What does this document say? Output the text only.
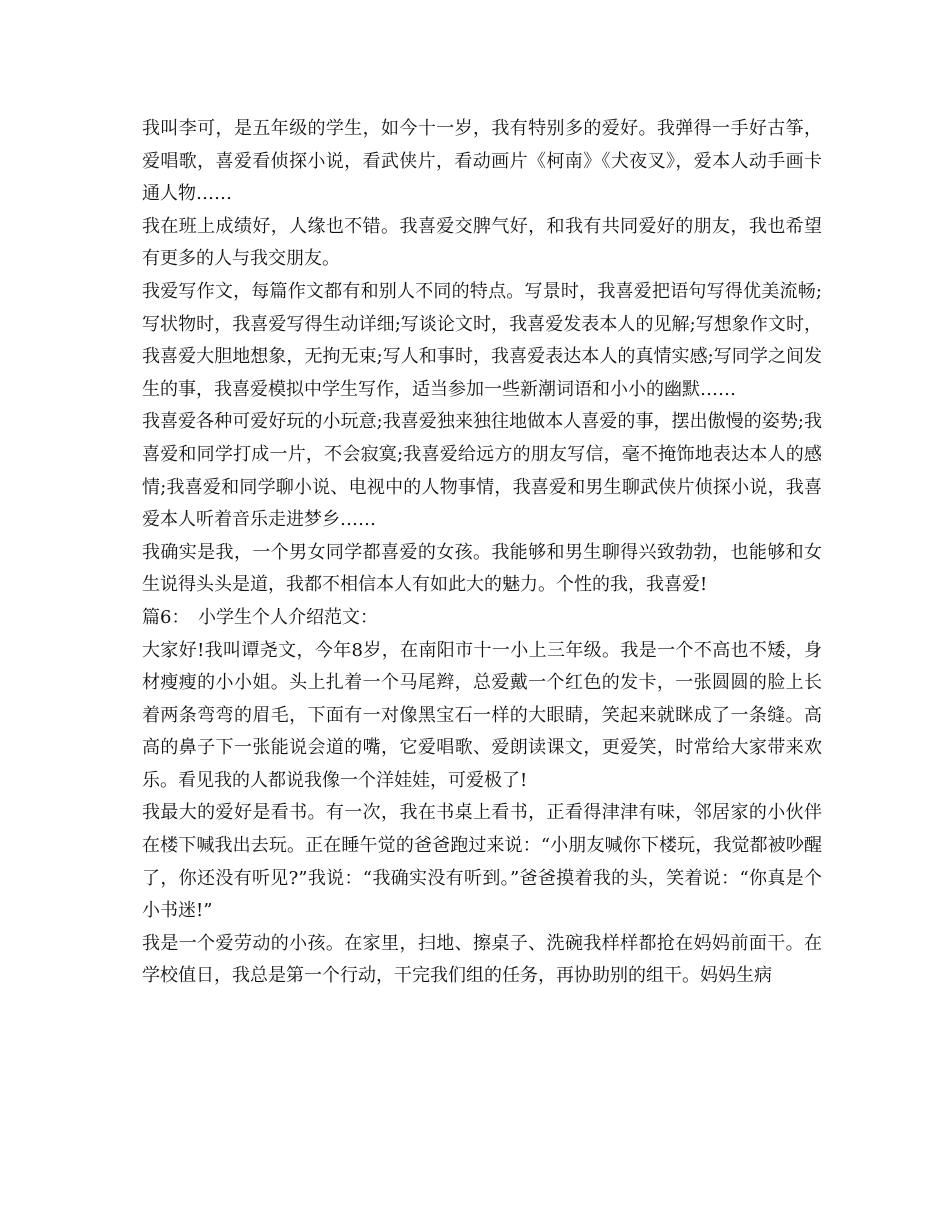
我叫李可，是五年级的学生，如今十一岁，我有特别多的爱好。我弹得一手好古筝，爱唱歌，喜爱看侦探小说，看武侠片，看动画片《柯南》《犬夜叉》，爱本人动手画卡通人物……

我在班上成绩好，人缘也不错。我喜爱交脾气好，和我有共同爱好的朋友，我也希望有更多的人与我交朋友。

我爱写作文，每篇作文都有和别人不同的特点。写景时，我喜爱把语句写得优美流畅;写状物时，我喜爱写得生动详细;写谈论文时，我喜爱发表本人的见解;写想象作文时，我喜爱大胆地想象，无拘无束;写人和事时，我喜爱表达本人的真情实感;写同学之间发生的事，我喜爱模拟中学生写作，适当参加一些新潮词语和小小的幽默……

我喜爱各种可爱好玩的小玩意;我喜爱独来独往地做本人喜爱的事，摆出傲慢的姿势;我喜爱和同学打成一片，不会寂寞;我喜爱给远方的朋友写信，毫不掩饰地表达本人的感情;我喜爱和同学聊小说、电视中的人物事情，我喜爱和男生聊武侠片侦探小说，我喜爱本人听着音乐走进梦乡……

我确实是我，一个男女同学都喜爱的女孩。我能够和男生聊得兴致勃勃，也能够和女生说得头头是道，我都不相信本人有如此大的魅力。个性的我，我喜爱!

篇6： 小学生个人介绍范文：

大家好!我叫谭尧文，今年8岁，在南阳市十一小上三年级。我是一个不高也不矮，身材瘦瘦的小小姐。头上扎着一个马尾辫，总爱戴一个红色的发卡，一张圆圆的脸上长着两条弯弯的眉毛，下面有一对像黑宝石一样的大眼睛，笑起来就眯成了一条缝。高高的鼻子下一张能说会道的嘴，它爱唱歌、爱朗读课文，更爱笑，时常给大家带来欢乐。看见我的人都说我像一个洋娃娃，可爱极了!

我最大的爱好是看书。有一次，我在书桌上看书，正看得津津有味，邻居家的小伙伴在楼下喊我出去玩。正在睡午觉的爸爸跑过来说：“小朋友喊你下楼玩，我觉都被吵醒了，你还没有听见?”我说：“我确实没有听到。”爸爸摸着我的头，笑着说：“你真是个小书迷!”

我是一个爱劳动的小孩。在家里，扫地、擦桌子、洗碗我样样都抢在妈妈前面干。在学校值日，我总是第一个行动，干完我们组的任务，再协助别的组干。妈妈生病
